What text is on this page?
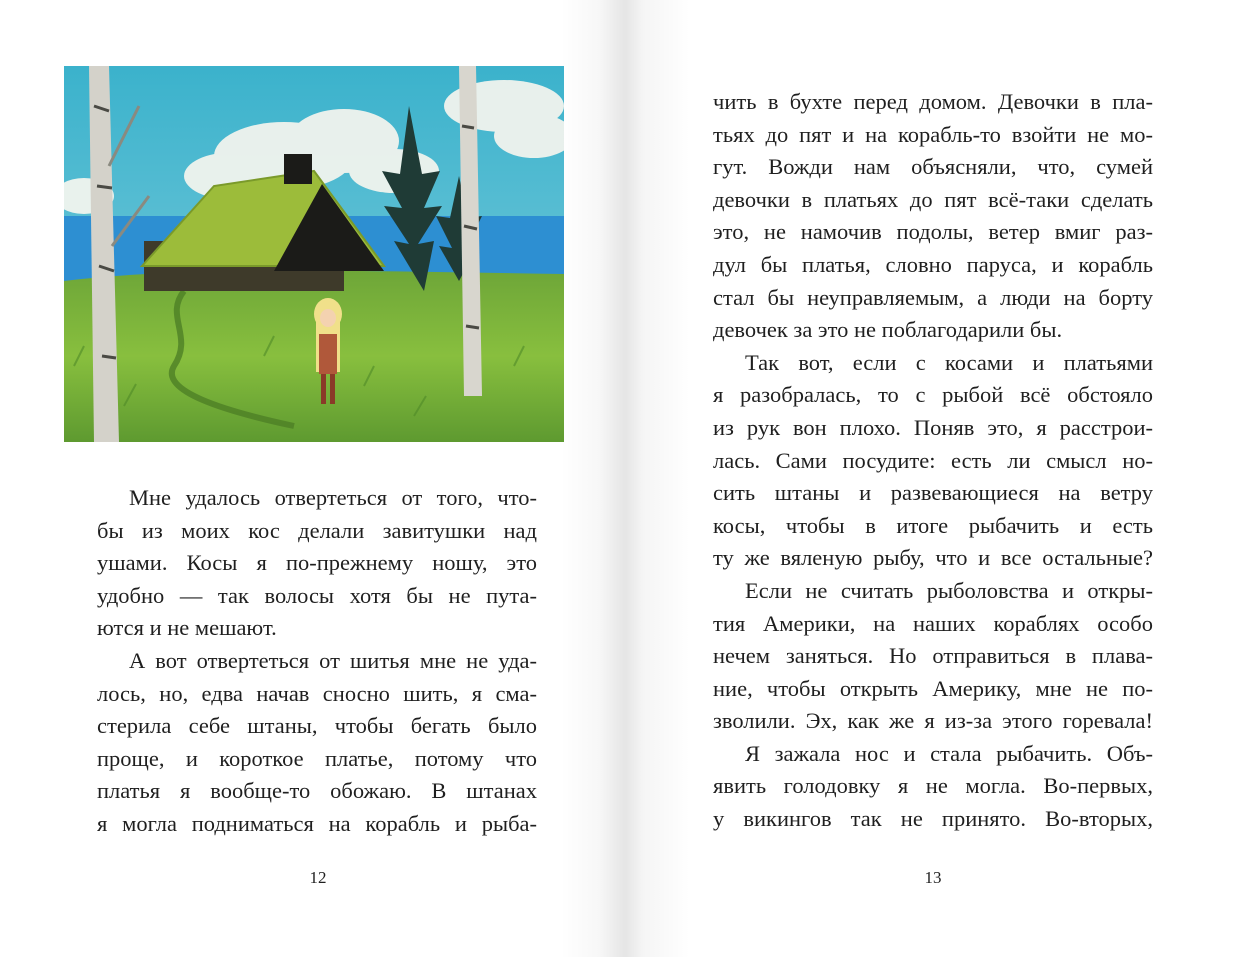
Мне удалось отвертеться от того, что-
бы из моих кос делали завитушки над
ушами. Косы я по-прежнему ношу, это
удобно — так волосы хотя бы не пута-
ются и не мешают.

А вот отвертеться от шитья мне не уда-
лось, но, едва начав сносно шить, я сма-
стерила себе штаны, чтобы бегать было
проще, и короткое платье, потому что
платья я вообще-то обожаю. В штанах
я могла подниматься на корабль и рыба-

12

чить в бухте перед домом. Девочки в пла-
тьях до пят и на корабль-то взойти не мо-
гут. Вожди нам объясняли, что, сумей
девочки в платьях до пят всё-таки сделать
это, не намочив подолы, ветер вмиг раз-
дул бы платья, словно паруса, и корабль
стал бы неуправляемым, а люди на борту
девочек за это не поблагодарили бы.

Так вот, если с косами и платьями
я разобралась, то с рыбой всё обстояло
из рук вон плохо. Поняв это, я расстрои-
лась. Сами посудите: есть ли смысл но-
сить штаны и развевающиеся на ветру
косы, чтобы в итоге рыбачить и есть
ту же вяленую рыбу, что и все остальные?

Если не считать рыболовства и откры-
тия Америки, на наших кораблях особо
нечем заняться. Но отправиться в плава-
ние, чтобы открыть Америку, мне не по-
зволили. Эх, как же я из-за этого горевала!

Я зажала нос и стала рыбачить. Объ-
явить голодовку я не могла. Во-первых,
у викингов так не принято. Во-вторых,

13
